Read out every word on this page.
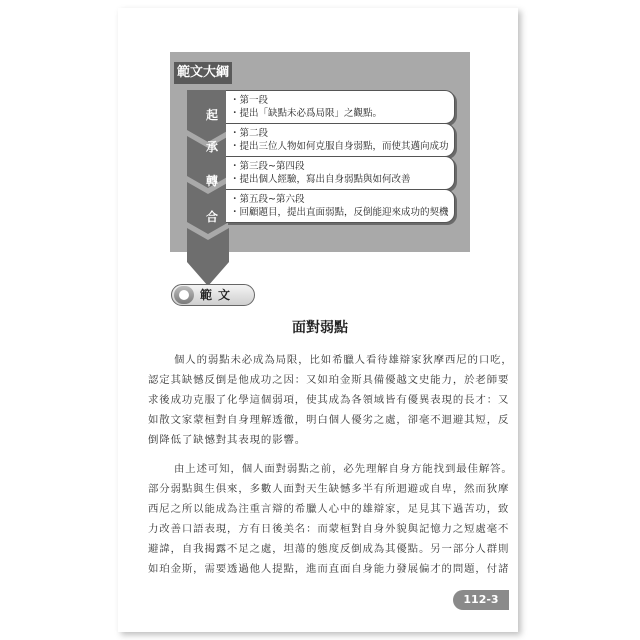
範文大綱
起
承
轉
合
・第一段
・提出「缺點未必爲局限」之觀點。
・第二段
・提出三位人物如何克服自身弱點，而使其邁向成功
・第三段~第四段
・提出個人經驗，寫出自身弱點與如何改善
・第五段~第六段
・回顧題目，提出直面弱點，反倒能迎來成功的契機
範文
面對弱點
個人的弱點未必成為局限，比如希臘人看待雄辯家狄摩西尼的口吃，
認定其缺憾反倒是他成功之因：又如珀金斯具備優越文史能力，於老師要
求後成功克服了化學這個弱項，使其成為各領域皆有優異表現的長才：又
如散文家蒙桓對自身理解透徹，明白個人優劣之處，卻毫不迴避其短，反
倒降低了缺憾對其表現的影響。
由上述可知，個人面對弱點之前，必先理解自身方能找到最佳解答。
部分弱點與生俱來，多數人面對天生缺憾多半有所迴避或自卑，然而狄摩
西尼之所以能成為注重言辯的希臘人心中的雄辯家，足見其下過苦功，致
力改善口語表現，方有日後美名：而蒙桓對自身外貌與記憶力之短處毫不
避諱，自我揭露不足之處，坦蕩的態度反倒成為其優點。另一部分人群則
如珀金斯，需要透過他人提點，進而直面自身能力發展偏才的問題，付諸
112-3
